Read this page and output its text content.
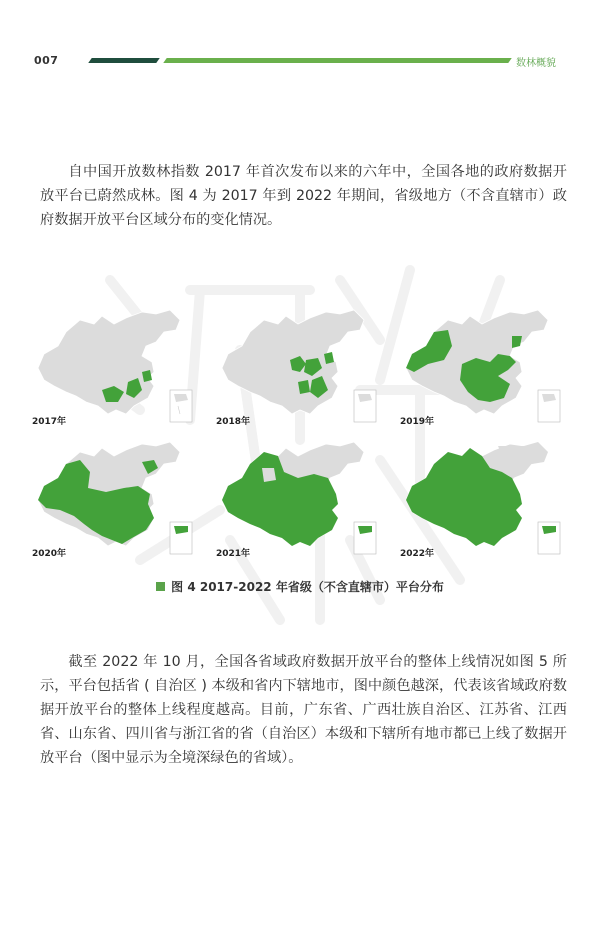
007	数林概貌

自中国开放数林指数 2017 年首次发布以来的六年中，全国各地的政府数据开放平台已蔚然成林。图 4 为 2017 年到 2022 年期间，省级地方（不含直辖市）政府数据开放平台区域分布的变化情况。

2017年	2018年	2019年
2020年	2021年	2022年
图 4 2017-2022 年省级（不含直辖市）平台分布

截至 2022 年 10 月，全国各省域政府数据开放平台的整体上线情况如图 5 所示，平台包括省 ( 自治区 ) 本级和省内下辖地市，图中颜色越深，代表该省域政府数据开放平台的整体上线程度越高。目前，广东省、广西壮族自治区、江苏省、江西省、山东省、四川省与浙江省的省（自治区）本级和下辖所有地市都已上线了数据开放平台（图中显示为全境深绿色的省域）。
